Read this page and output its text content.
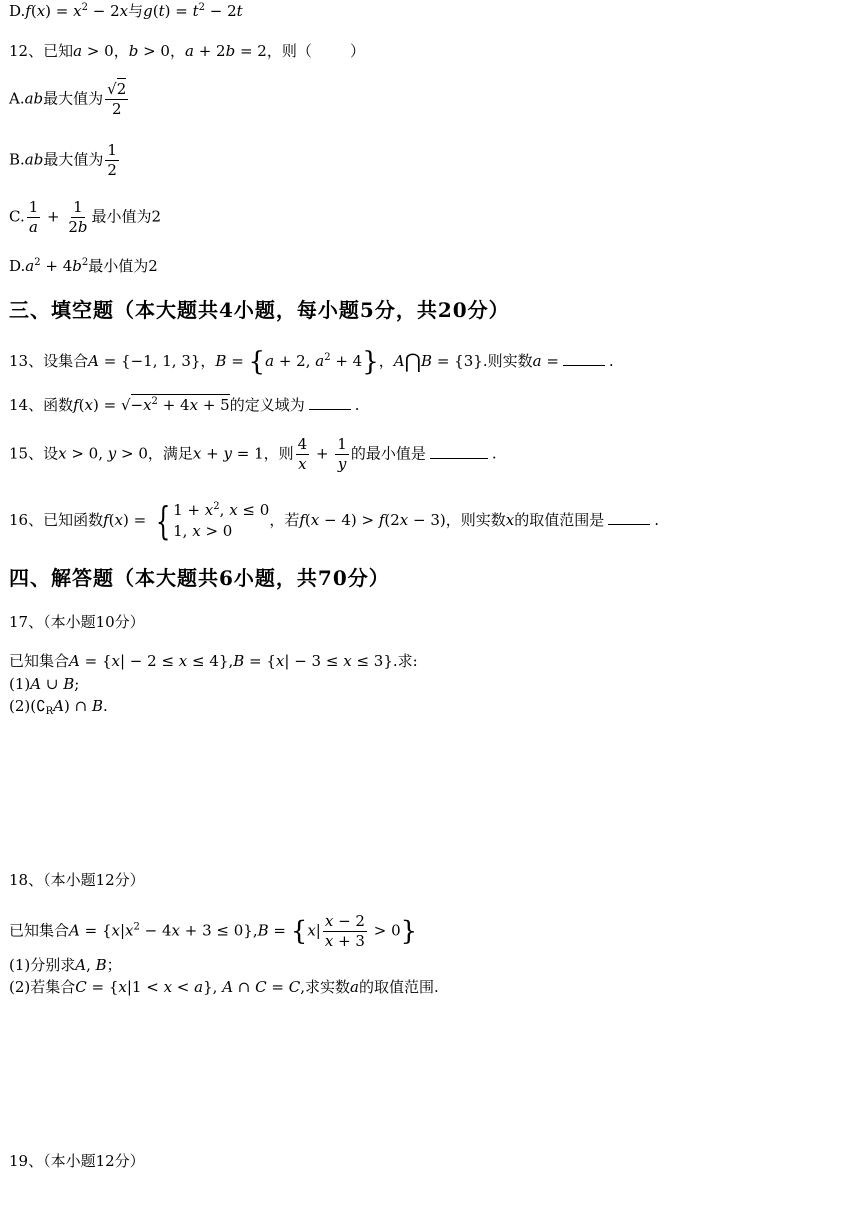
$D.f(x) = x^2 - 2x$与$g(t) = t^2 - 2t$
12、已知a > 0，b > 0，a + 2b = 2，则（        ）
A.ab最大值为 $\frac{√2}{2}$
B.ab最大值为 $\frac{1}{2}$
C. $\frac{1}{a} + \frac{1}{2b}$ 最小值为2
$D.a^2 + 4b^2$最小值为2
三、填空题（本大题共4小题，每小题5分，共20分）
13、设集合A = {−1, 1, 3}，B = {a + 2, $a^2 + 4$}，A⋂B = {3}.则实数a =	.
14、函数$f(x) = √-x^2 + 4x + 5$的定义域为	.
15、设x > 0, y > 0，满足x + y = 1，则 $\frac{4}{x} + \frac{1}{y}$ 的最小值是	.
16、已知函数f(x) = { $1 + x^2$, x ≤ 0
1, x > 0
，若f(x − 4) > f(2x − 3)，则实数x的取值范围是	.
四、解答题（本大题共6小题，共70分）
17、（本小题10分）
已知集合A = {x| − 2 ≤ x ≤ 4},B = {x| − 3 ≤ x ≤ 3}.求:
(1)A ∪ B;
$(2)(∁_RA)$ ∩ B.
18、（本小题12分）
已知集合$A = \{x|x^2 - 4x + 3 \le 0\},B = \{x| \frac{x - 2}{x + 3} > 0\}$
(1)分别求A, B；
(2)若集合C = {x|1 < x < a}, A ∩ C = C,求实数a的取值范围.
19、（本小题12分）
